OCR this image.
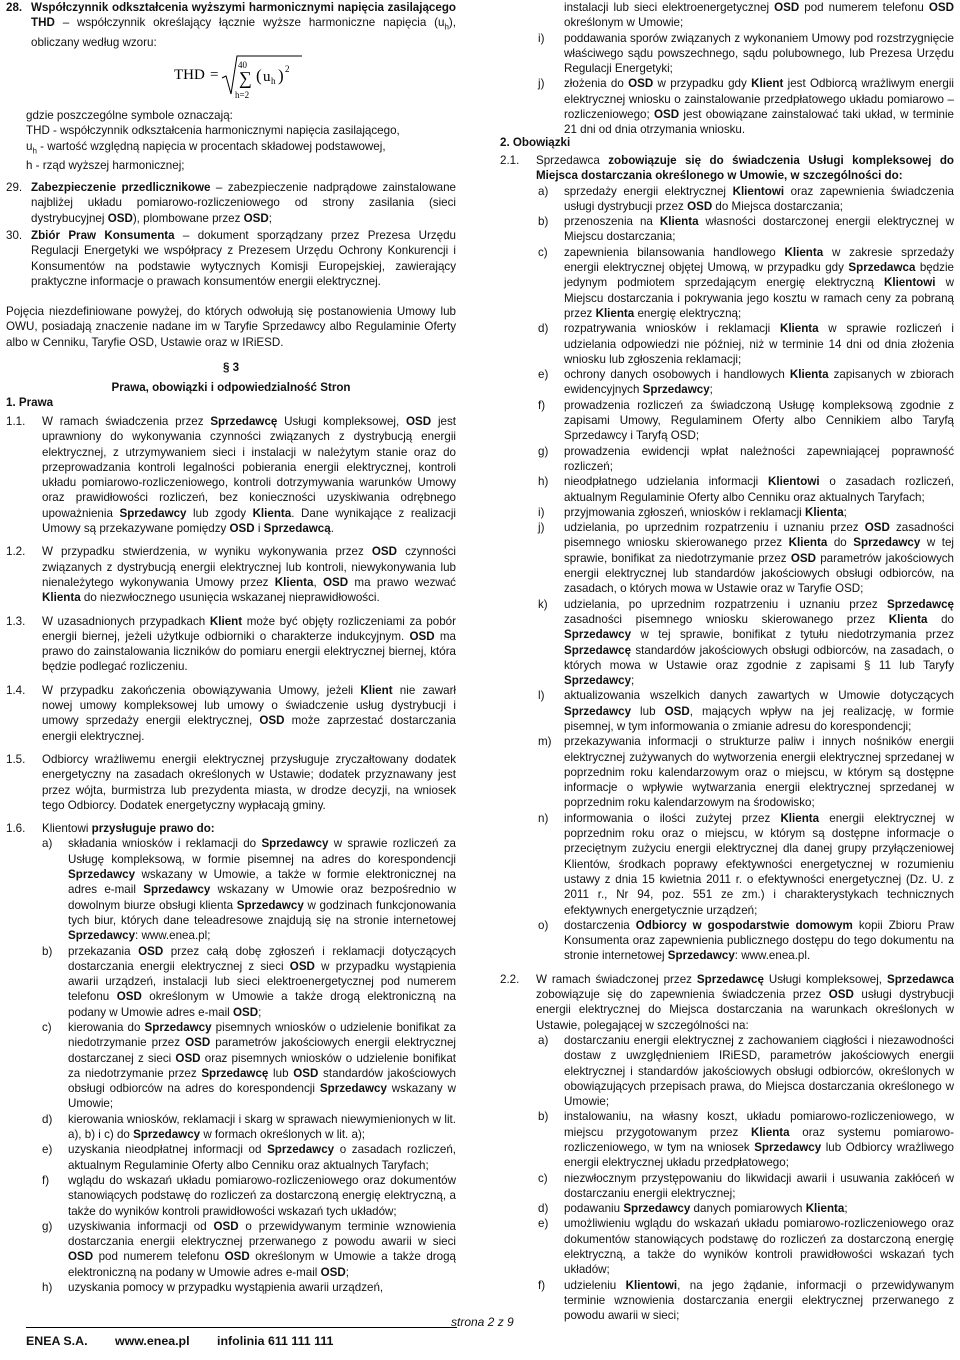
28. Współczynnik odkształcenia wyższymi harmonicznymi napięcia zasilającego THD – współczynnik określający łącznie wyższe harmoniczne napięcia $(u_h)$, obliczany według wzoru:

THD =
40
∑
h=2
( u h ) 2

gdzie poszczególne symbole oznaczają:

THD - współczynnik odkształcenia harmonicznymi napięcia zasilającego,

$u_h$ - wartość względną napięcia w procentach składowej podstawowej,

h - rząd wyższej harmonicznej;

29. Zabezpieczenie przedlicznikowe – zabezpieczenie nadprądowe zainstalowane najbliżej układu pomiarowo-rozliczeniowego od strony zasilania (sieci dystrybucyjnej OSD), plombowane przez OSD;

30. Zbiór Praw Konsumenta – dokument sporządzany przez Prezesa Urzędu Regulacji Energetyki we współpracy z Prezesem Urzędu Ochrony Konkurencji i Konsumentów na podstawie wytycznych Komisji Europejskiej, zawierający praktyczne informacje o prawach konsumentów energii elektrycznej.

Pojęcia niezdefiniowane powyżej, do których odwołują się postanowienia Umowy lub OWU, posiadają znaczenie nadane im w Taryfie Sprzedawcy albo Regulaminie Oferty albo w Cenniku, Taryfie OSD, Ustawie oraz w IRiESD.

§ 3
Prawa, obowiązki i odpowiedzialność Stron
1. Prawa
1.1.	W ramach świadczenia przez Sprzedawcę Usługi kompleksowej, OSD jest uprawniony do wykonywania czynności związanych z dystrybucją energii elektrycznej, z utrzymywaniem sieci i instalacji w należytym stanie oraz do przeprowadzania kontroli legalności pobierania energii elektrycznej, kontroli układu pomiarowo-rozliczeniowego, kontroli dotrzymywania warunków Umowy oraz prawidłowości rozliczeń, bez konieczności uzyskiwania odrębnego upoważnienia Sprzedawcy lub zgody Klienta. Dane wynikające z realizacji Umowy są przekazywane pomiędzy OSD i Sprzedawcą.

1.2.	W przypadku stwierdzenia, w wyniku wykonywania przez OSD czynności związanych z dystrybucją energii elektrycznej lub kontroli, niewykonywania lub nienależytego wykonywania Umowy przez Klienta, OSD ma prawo wezwać Klienta do niezwłocznego usunięcia wskazanej nieprawidłowości.

1.3.	W uzasadnionych przypadkach Klient może być objęty rozliczeniami za pobór energii biernej, jeżeli użytkuje odbiorniki o charakterze indukcyjnym. OSD ma prawo do zainstalowania liczników do pomiaru energii elektrycznej biernej, która będzie podlegać rozliczeniu.

1.4.	W przypadku zakończenia obowiązywania Umowy, jeżeli Klient nie zawarł nowej umowy kompleksowej lub umowy o świadczenie usług dystrybucji i umowy sprzedaży energii elektrycznej, OSD może zaprzestać dostarczania energii elektrycznej.

1.5.	Odbiorcy wrażliwemu energii elektrycznej przysługuje zryczałtowany dodatek energetyczny na zasadach określonych w Ustawie; dodatek przyznawany jest przez wójta, burmistrza lub prezydenta miasta, w drodze decyzji, na wniosek tego Odbiorcy. Dodatek energetyczny wypłacają gminy.

1.6.	Klientowi przysługuje prawo do:

a)	składania wniosków i reklamacji do Sprzedawcy w sprawie rozliczeń za Usługę kompleksową, w formie pisemnej na adres do korespondencji Sprzedawcy wskazany w Umowie, a także w formie elektronicznej na adres e-mail Sprzedawcy wskazany w Umowie oraz bezpośrednio w dowolnym biurze obsługi klienta Sprzedawcy w godzinach funkcjonowania tych biur, których dane teleadresowe znajdują się na stronie internetowej Sprzedawcy: www.enea.pl;

b)	przekazania OSD przez całą dobę zgłoszeń i reklamacji dotyczących dostarczania energii elektrycznej z sieci OSD w przypadku wystąpienia awarii urządzeń, instalacji lub sieci elektroenergetycznej pod numerem telefonu OSD określonym w Umowie a także drogą elektroniczną na podany w Umowie adres e-mail OSD;

c)	kierowania do Sprzedawcy pisemnych wniosków o udzielenie bonifikat za niedotrzymanie przez OSD parametrów jakościowych energii elektrycznej dostarczanej z sieci OSD oraz pisemnych wniosków o udzielenie bonifikat za niedotrzymanie przez Sprzedawcę lub OSD standardów jakościowych obsługi odbiorców na adres do korespondencji Sprzedawcy wskazany w Umowie;

d)	kierowania wniosków, reklamacji i skarg w sprawach niewymienionych w lit. a), b) i c) do Sprzedawcy w formach określonych w lit. a);

e)	uzyskania nieodpłatnej informacji od Sprzedawcy o zasadach rozliczeń, aktualnym Regulaminie Oferty albo Cenniku oraz aktualnych Taryfach;

f)	wglądu do wskazań układu pomiarowo-rozliczeniowego oraz dokumentów stanowiących podstawę do rozliczeń za dostarczoną energię elektryczną, a także do wyników kontroli prawidłowości wskazań tych układów;

g)	uzyskiwania informacji od OSD o przewidywanym terminie wznowienia dostarczania energii elektrycznej przerwanego z powodu awarii w sieci OSD pod numerem telefonu OSD określonym w Umowie a także drogą elektroniczną na podany w Umowie adres e-mail OSD;

h)	uzyskania pomocy w przypadku wystąpienia awarii urządzeń,

instalacji lub sieci elektroenergetycznej OSD pod numerem telefonu OSD określonym w Umowie;

i)	poddawania sporów związanych z wykonaniem Umowy pod rozstrzygnięcie właściwego sądu powszechnego, sądu polubownego, lub Prezesa Urzędu Regulacji Energetyki;

j)	złożenia do OSD w przypadku gdy Klient jest Odbiorcą wrażliwym energii elektrycznej wniosku o zainstalowanie przedpłatowego układu pomiarowo – rozliczeniowego; OSD jest obowiązane zainstalować taki układ, w terminie 21 dni od dnia otrzymania wniosku.

2. Obowiązki
2.1.	Sprzedawca zobowiązuje się do świadczenia Usługi kompleksowej do Miejsca dostarczania określonego w Umowie, w szczególności do:

a)	sprzedaży energii elektrycznej Klientowi oraz zapewnienia świadczenia usługi dystrybucji przez OSD do Miejsca dostarczania;

b)	przenoszenia na Klienta własności dostarczonej energii elektrycznej w Miejscu dostarczania;

c)	zapewnienia bilansowania handlowego Klienta w zakresie sprzedaży energii elektrycznej objętej Umową, w przypadku gdy Sprzedawca będzie jedynym podmiotem sprzedającym energię elektryczną Klientowi w Miejscu dostarczania i pokrywania jego kosztu w ramach ceny za pobraną przez Klienta energię elektryczną;

d)	rozpatrywania wniosków i reklamacji Klienta w sprawie rozliczeń i udzielania odpowiedzi nie później, niż w terminie 14 dni od dnia złożenia wniosku lub zgłoszenia reklamacji;

e)	ochrony danych osobowych i handlowych Klienta zapisanych w zbiorach ewidencyjnych Sprzedawcy;

f)	prowadzenia rozliczeń za świadczoną Usługę kompleksową zgodnie z zapisami Umowy, Regulaminem Oferty albo Cennikiem albo Taryfą Sprzedawcy i Taryfą OSD;

g)	prowadzenia ewidencji wpłat należności zapewniającej poprawność rozliczeń;

h)	nieodpłatnego udzielania informacji Klientowi o zasadach rozliczeń, aktualnym Regulaminie Oferty albo Cenniku oraz aktualnych Taryfach;

i)	przyjmowania zgłoszeń, wniosków i reklamacji Klienta;

j)	udzielania, po uprzednim rozpatrzeniu i uznaniu przez OSD zasadności pisemnego wniosku skierowanego przez Klienta do Sprzedawcy w tej sprawie, bonifikat za niedotrzymanie przez OSD parametrów jakościowych energii elektrycznej lub standardów jakościowych obsługi odbiorców, na zasadach, o których mowa w Ustawie oraz w Taryfie OSD;

k)	udzielania, po uprzednim rozpatrzeniu i uznaniu przez Sprzedawcę zasadności pisemnego wniosku skierowanego przez Klienta do Sprzedawcy w tej sprawie, bonifikat z tytułu niedotrzymania przez Sprzedawcę standardów jakościowych obsługi odbiorców, na zasadach, o których mowa w Ustawie oraz zgodnie z zapisami § 11 lub Taryfy Sprzedawcy;

l)	aktualizowania wszelkich danych zawartych w Umowie dotyczących Sprzedawcy lub OSD, mających wpływ na jej realizację, w formie pisemnej, w tym informowania o zmianie adresu do korespondencji;

m)	przekazywania informacji o strukturze paliw i innych nośników energii elektrycznej zużywanych do wytworzenia energii elektrycznej sprzedanej w poprzednim roku kalendarzowym oraz o miejscu, w którym są dostępne informacje o wpływie wytwarzania energii elektrycznej sprzedanej w poprzednim roku kalendarzowym na środowisko;

n)	informowania o ilości zużytej przez Klienta energii elektrycznej w poprzednim roku oraz o miejscu, w którym są dostępne informacje o przeciętnym zużyciu energii elektrycznej dla danej grupy przyłączeniowej Klientów, środkach poprawy efektywności energetycznej w rozumieniu ustawy z dnia 15 kwietnia 2011 r. o efektywności energetycznej (Dz. U. z 2011 r., Nr 94, poz. 551 ze zm.) i charakterystykach technicznych efektywnych energetycznie urządzeń;

o)	dostarczenia Odbiorcy w gospodarstwie domowym kopii Zbioru Praw Konsumenta oraz zapewnienia publicznego dostępu do tego dokumentu na stronie internetowej Sprzedawcy: www.enea.pl.

2.2.	W ramach świadczonej przez Sprzedawcę Usługi kompleksowej, Sprzedawca zobowiązuje się do zapewnienia świadczenia przez OSD usługi dystrybucji energii elektrycznej do Miejsca dostarczania na warunkach określonych w Ustawie, polegającej w szczególności na:

a)	dostarczaniu energii elektrycznej z zachowaniem ciągłości i niezawodności dostaw z uwzględnieniem IRiESD, parametrów jakościowych energii elektrycznej i standardów jakościowych obsługi odbiorców, określonych w obowiązujących przepisach prawa, do Miejsca dostarczania określonego w Umowie;

b)	instalowaniu, na własny koszt, układu pomiarowo-rozliczeniowego, w miejscu przygotowanym przez Klienta oraz systemu pomiarowo-rozliczeniowego, w tym na wniosek Sprzedawcy lub Odbiorcy wrażliwego energii elektrycznej układu przedpłatowego;

c)	niezwłocznym przystępowaniu do likwidacji awarii i usuwania zakłóceń w dostarczaniu energii elektrycznej;

d)	podawaniu Sprzedawcy danych pomiarowych Klienta;

e)	umożliwieniu wglądu do wskazań układu pomiarowo-rozliczeniowego oraz dokumentów stanowiących podstawę do rozliczeń za dostarczoną energię elektryczną, a także do wyników kontroli prawidłowości wskazań tych układów;

f)	udzieleniu Klientowi, na jego żądanie, informacji o przewidywanym terminie wznowienia dostarczania energii elektrycznej przerwanego z powodu awarii w sieci;

strona 2 z 9
ENEA S.A. www.enea.pl infolinia 611 111 111
